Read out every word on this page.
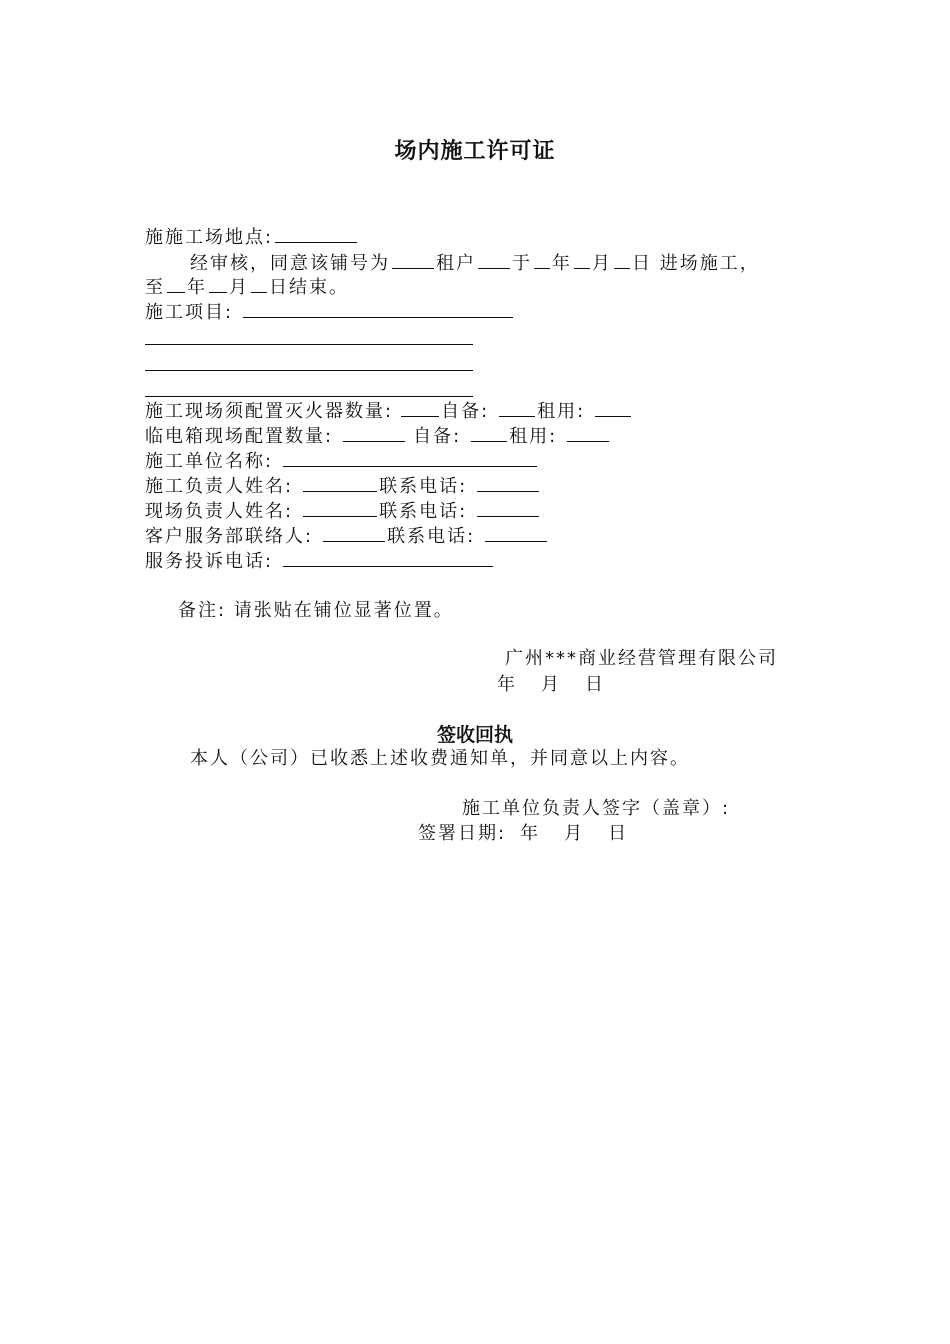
场内施工许可证
施施工场地点:
经审核，同意该铺号为	租户 于 年 月 日 进场施工，
至 年 月 日结束。
施工项目:
施工现场须配置灭火器数量:	自备:	租用:
临电箱现场配置数量:	自备:	租用:
施工单位名称:
施工负责人姓名:	联系电话:
现场负责人姓名:	联系电话:
客户服务部联络人:	联系电话:
服务投诉电话:
备注: 请张贴在铺位显著位置。
广州***商业经营管理有限公司
年　月　日
签收回执
本人（公司）已收悉上述收费通知单，并同意以上内容。
施工单位负责人签字（盖章）:
签署日期: 年　月　日
